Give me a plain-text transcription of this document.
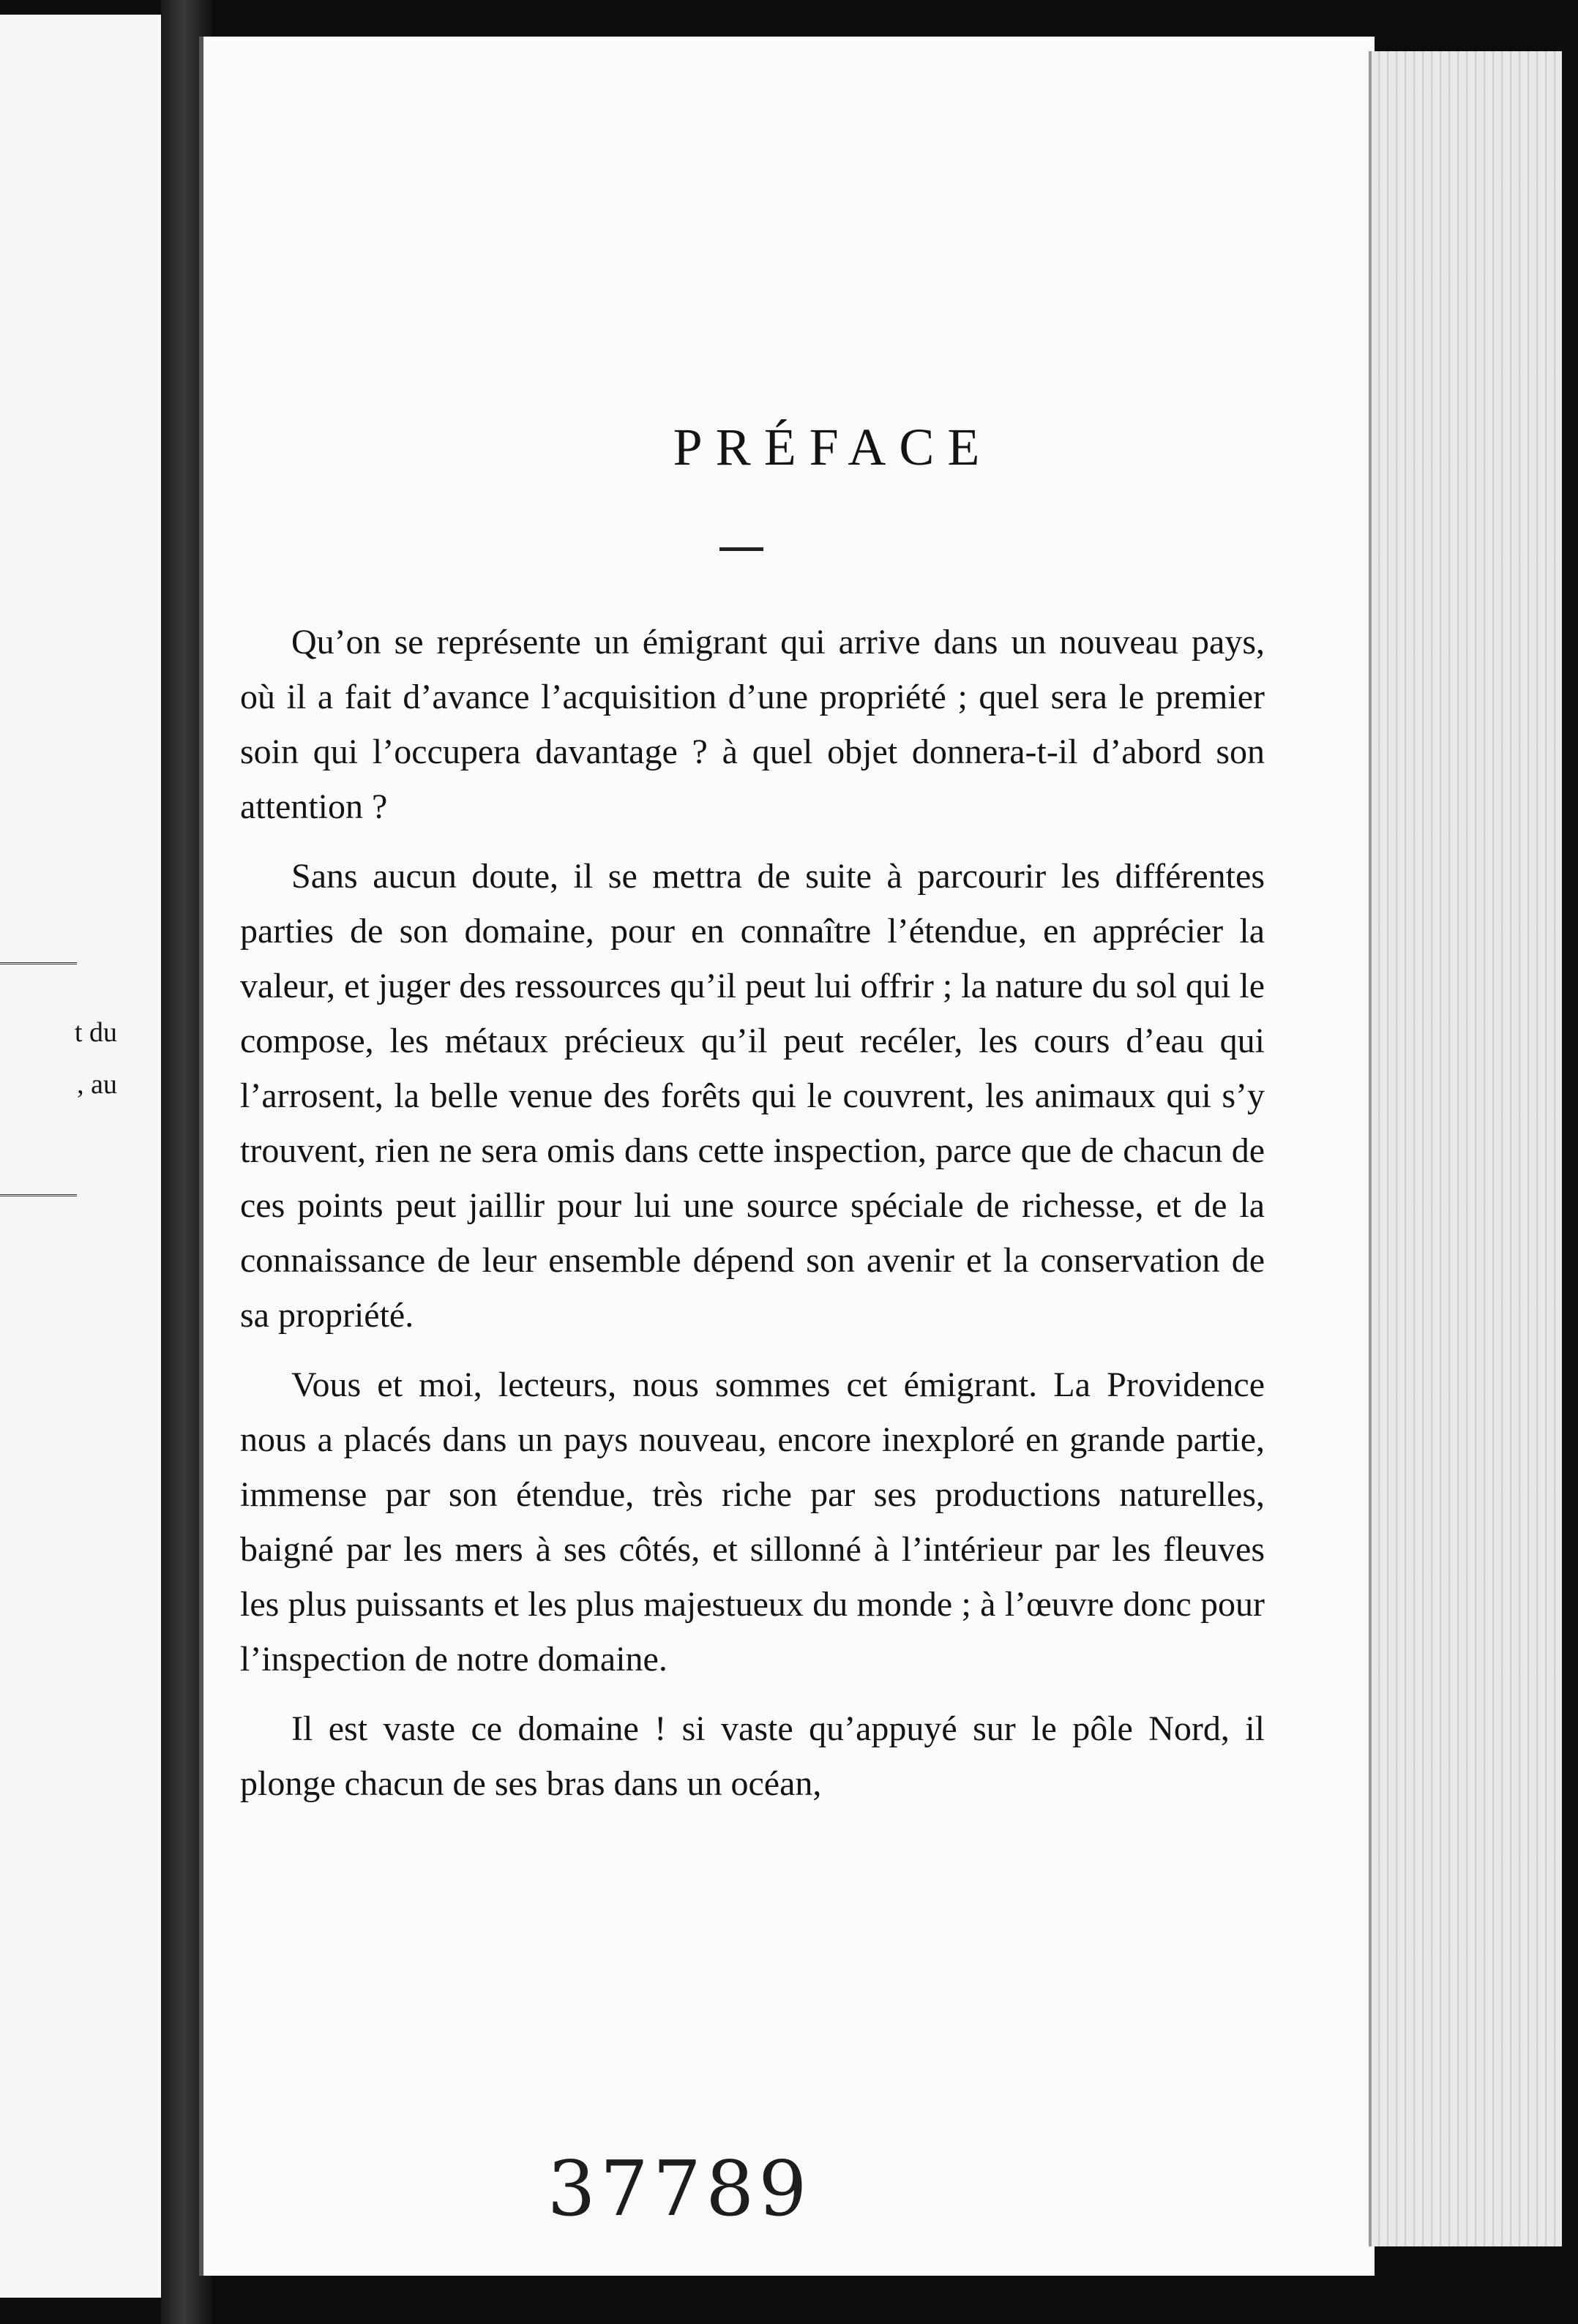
t du
, au
PRÉFACE

Qu’on se représente un émigrant qui arrive dans un nouveau pays, où il a fait d’avance l’acquisition d’une propriété ; quel sera le premier soin qui l’occupera davantage ? à quel objet donnera-t-il d’abord son attention ?

Sans aucun doute, il se mettra de suite à parcourir les différentes parties de son domaine, pour en connaître l’étendue, en apprécier la valeur, et juger des ressources qu’il peut lui offrir ; la nature du sol qui le compose, les métaux précieux qu’il peut recéler, les cours d’eau qui l’arrosent, la belle venue des forêts qui le couvrent, les animaux qui s’y trouvent, rien ne sera omis dans cette inspection, parce que de chacun de ces points peut jaillir pour lui une source spéciale de richesse, et de la connaissance de leur ensemble dépend son avenir et la conservation de sa propriété.

Vous et moi, lecteurs, nous sommes cet émigrant. La Providence nous a placés dans un pays nouveau, encore inexploré en grande partie, immense par son étendue, très riche par ses productions naturelles, baigné par les mers à ses côtés, et sillonné à l’intérieur par les fleuves les plus puissants et les plus majestueux du monde ; à l’œuvre donc pour l’inspection de notre domaine.

Il est vaste ce domaine ! si vaste qu’appuyé sur le pôle Nord, il plonge chacun de ses bras dans un océan,

37789
